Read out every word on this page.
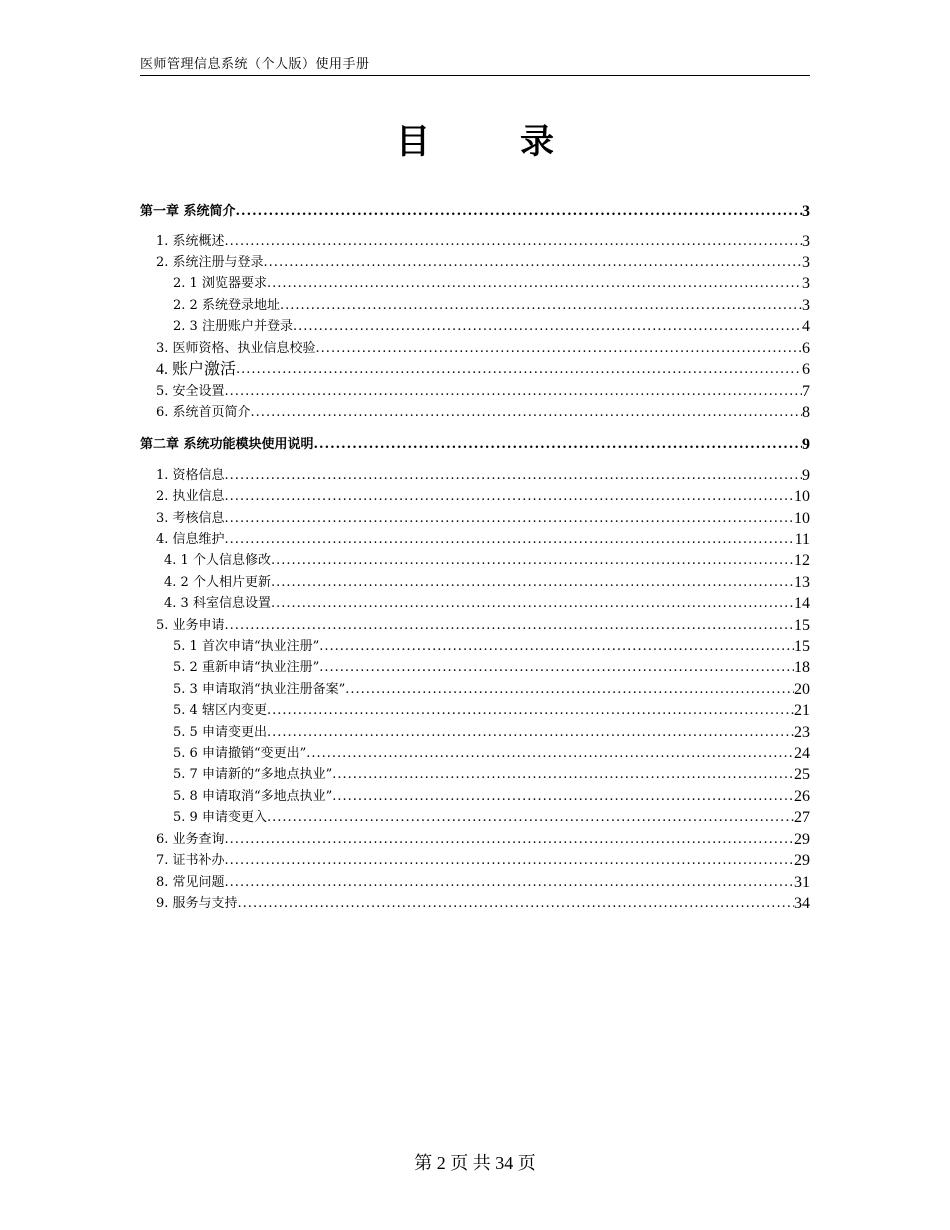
医师管理信息系统（个人版）使用手册
目　录
第一章 系统简介 .....	3
1. 系统概述 .....	3
2. 系统注册与登录 .....	3
2. 1 浏览器要求 .....	3
2. 2 系统登录地址 .....	3
2. 3 注册账户并登录 .....	4
3. 医师资格、执业信息校验 .....	6
4. 账户激活 .....	6
5. 安全设置 .....	7
6. 系统首页简介 .....	8
第二章 系统功能模块使用说明 .....	9
1. 资格信息 .....	9
2. 执业信息 .....	10
3. 考核信息 .....	10
4. 信息维护 .....	11
4. 1 个人信息修改 .....	12
4. 2 个人相片更新 .....	13
4. 3 科室信息设置 .....	14
5. 业务申请 .....	15
5. 1 首次申请“执业注册” .....	15
5. 2 重新申请“执业注册” .....	18
5. 3 申请取消“执业注册备案” .....	20
5. 4 辖区内变更 .....	21
5. 5 申请变更出 .....	23
5. 6 申请撤销“变更出” .....	24
5. 7 申请新的“多地点执业” .....	25
5. 8 申请取消“多地点执业” .....	26
5. 9 申请变更入 .....	27
6. 业务查询 .....	29
7. 证书补办 .....	29
8. 常见问题 .....	31
9. 服务与支持 .....	34
第 2 页 共 34 页
